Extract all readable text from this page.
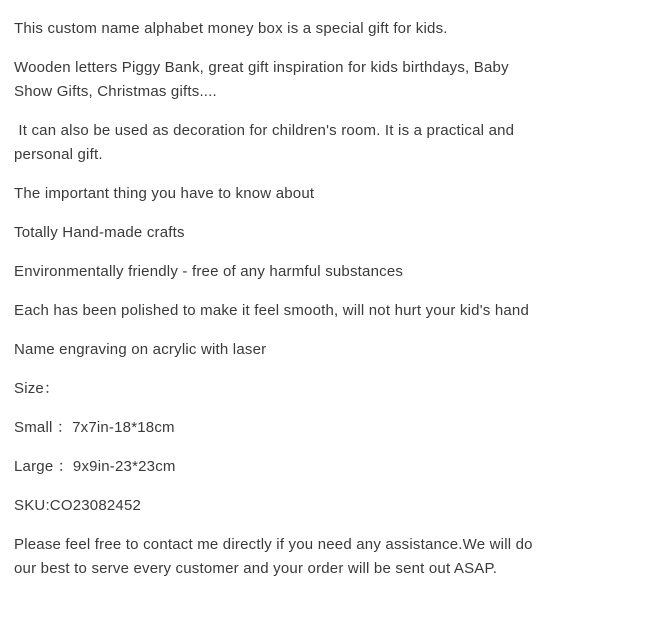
This custom name alphabet money box is a special gift for kids.

Wooden letters Piggy Bank, great gift inspiration for kids birthdays, Baby Show Gifts, Christmas gifts....

It can also be used as decoration for children's room. It is a practical and personal gift.

The important thing you have to know about

Totally Hand-made crafts

Environmentally friendly - free of any harmful substances

Each has been polished to make it feel smooth, will not hurt your kid's hand

Name engraving on acrylic with laser

Size：

Small ：7x7in-18*18cm

Large ：9x9in-23*23cm

SKU:CO23082452

Please feel free to contact me directly if you need any assistance.We will do our best to serve every customer and your order will be sent out ASAP.
